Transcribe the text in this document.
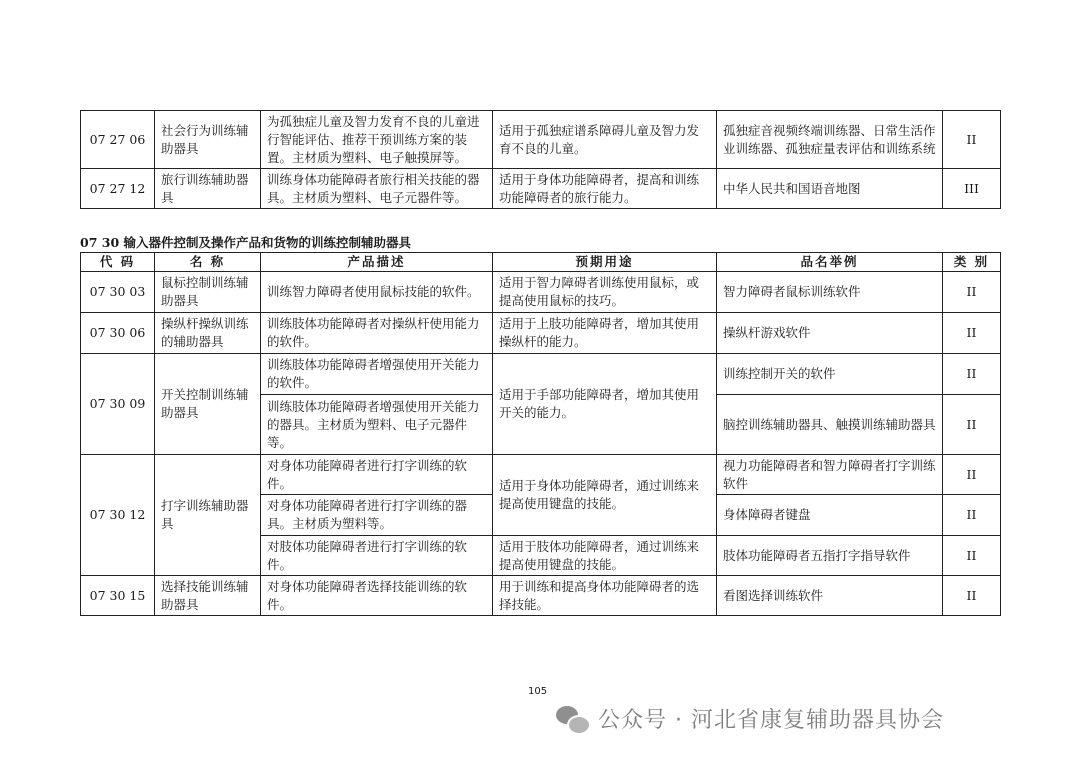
07 27 06	社会行为训练辅助器具	为孤独症儿童及智力发育不良的儿童进行智能评估、推荐干预训练方案的装置。主材质为塑料、电子触摸屏等。	适用于孤独症谱系障碍儿童及智力发育不良的儿童。	孤独症音视频终端训练器、日常生活作业训练器、孤独症量表评估和训练系统	II
07 27 12	旅行训练辅助器具	训练身体功能障碍者旅行相关技能的器具。主材质为塑料、电子元器件等。	适用于身体功能障碍者，提高和训练功能障碍者的旅行能力。	中华人民共和国语音地图	III
07 30 输入器件控制及操作产品和货物的训练控制辅助器具
代 码	名 称	产品描述	预期用途	品名举例	类 别
07 30 03	鼠标控制训练辅助器具	训练智力障碍者使用鼠标技能的软件。	适用于智力障碍者训练使用鼠标，或提高使用鼠标的技巧。	智力障碍者鼠标训练软件	II
07 30 06	操纵杆操纵训练的辅助器具	训练肢体功能障碍者对操纵杆使用能力的软件。	适用于上肢功能障碍者，增加其使用操纵杆的能力。	操纵杆游戏软件	II
07 30 09	开关控制训练辅助器具	训练肢体功能障碍者增强使用开关能力的软件。	适用于手部功能障碍者，增加其使用开关的能力。	训练控制开关的软件	II
		训练肢体功能障碍者增强使用开关能力的器具。主材质为塑料、电子元器件等。		脑控训练辅助器具、触摸训练辅助器具	II
07 30 12	打字训练辅助器具	对身体功能障碍者进行打字训练的软件。	适用于身体功能障碍者，通过训练来提高使用键盘的技能。	视力功能障碍者和智力障碍者打字训练软件	II
		对身体功能障碍者进行打字训练的器具。主材质为塑料等。		身体障碍者键盘	II
		对肢体功能障碍者进行打字训练的软件。	适用于肢体功能障碍者，通过训练来提高使用键盘的技能。	肢体功能障碍者五指打字指导软件	II
07 30 15	选择技能训练辅助器具	对身体功能障碍者选择技能训练的软件。	用于训练和提高身体功能障碍者的选择技能。	看图选择训练软件	II
105
公众号 · 河北省康复辅助器具协会
